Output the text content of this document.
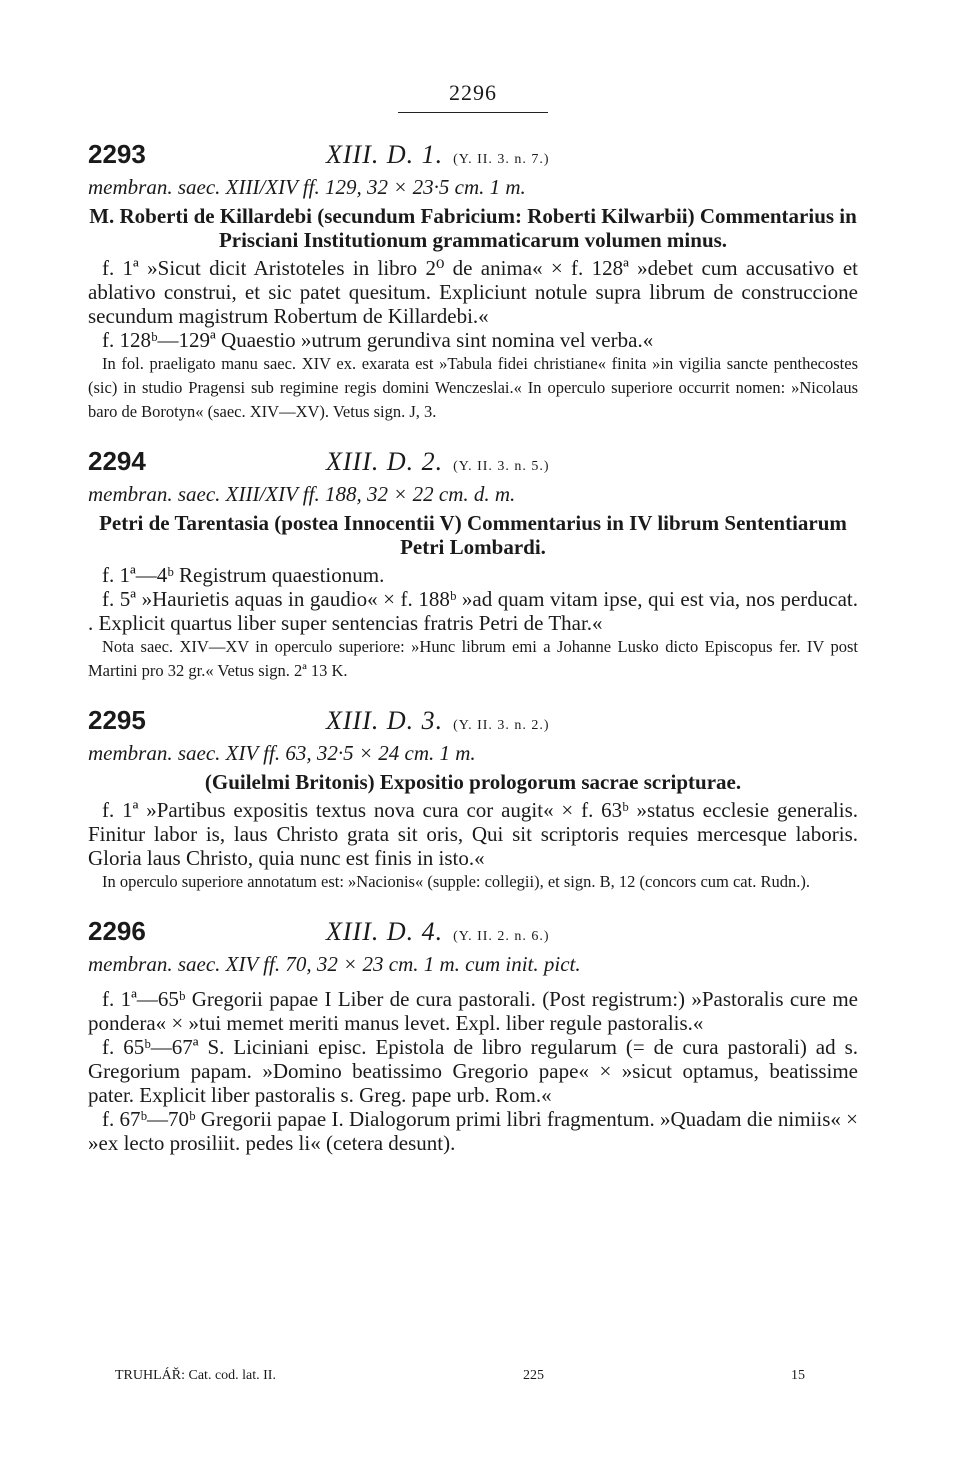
2296
2293	XIII. D. 1. (Y. II. 3. n. 7.)
membran. saec. XIII/XIV ff. 129, 32 × 23·5 cm. 1 m.
M. Roberti de Killardebi (secundum Fabricium: Roberti Kilwarbii) Commentarius in Prisciani Institutionum grammaticarum volumen minus.

f. 1ª »Sicut dicit Aristoteles in libro 2⁰ de anima« × f. 128ª »debet cum accusativo et ablativo construi, et sic patet quesitum. Expliciunt notule supra librum de construccione secundum magistrum Robertum de Killardebi.«

f. 128ᵇ—129ª Quaestio »utrum gerundiva sint nomina vel verba.«

In fol. praeligato manu saec. XIV ex. exarata est »Tabula fidei christiane« finita »in vigilia sancte penthecostes (sic) in studio Pragensi sub regimine regis domini Wenczeslai.« In operculo superiore occurrit nomen: »Nicolaus baro de Borotyn« (saec. XIV—XV). Vetus sign. J, 3.

2294	XIII. D. 2. (Y. II. 3. n. 5.)
membran. saec. XIII/XIV ff. 188, 32 × 22 cm. d. m.
Petri de Tarentasia (postea Innocentii V) Commentarius in IV librum Sententiarum Petri Lombardi.

f. 1ª—4ᵇ Registrum quaestionum.

f. 5ª »Haurietis aquas in gaudio« × f. 188ᵇ »ad quam vitam ipse, qui est via, nos perducat. . Explicit quartus liber super sentencias fratris Petri de Thar.«

Nota saec. XIV—XV in operculo superiore: »Hunc librum emi a Johanne Lusko dicto Episcopus fer. IV post Martini pro 32 gr.« Vetus sign. 2ª 13 K.

2295	XIII. D. 3. (Y. II. 3. n. 2.)
membran. saec. XIV ff. 63, 32·5 × 24 cm. 1 m.
(Guilelmi Britonis) Expositio prologorum sacrae scripturae.

f. 1ª »Partibus expositis textus nova cura cor augit« × f. 63ᵇ »status ecclesie generalis. Finitur labor is, laus Christo grata sit oris, Qui sit scriptoris requies mercesque laboris. Gloria laus Christo, quia nunc est finis in isto.«

In operculo superiore annotatum est: »Nacionis« (supple: collegii), et sign. B, 12 (concors cum cat. Rudn.).

2296	XIII. D. 4. (Y. II. 2. n. 6.)
membran. saec. XIV ff. 70, 32 × 23 cm. 1 m. cum init. pict.

f. 1ª—65ᵇ Gregorii papae I Liber de cura pastorali. (Post registrum:) »Pastoralis cure me pondera« × »tui memet meriti manus levet. Expl. liber regule pastoralis.«

f. 65ᵇ—67ª S. Liciniani episc. Epistola de libro regularum (= de cura pastorali) ad s. Gregorium papam. »Domino beatissimo Gregorio pape« × »sicut optamus, beatissime pater. Explicit liber pastoralis s. Greg. pape urb. Rom.«

f. 67ᵇ—70ᵇ Gregorii papae I. Dialogorum primi libri fragmentum. »Quadam die nimiis« × »ex lecto prosiliit. pedes li« (cetera desunt).

TRUHLÁŘ: Cat. cod. lat. II.	225	15
